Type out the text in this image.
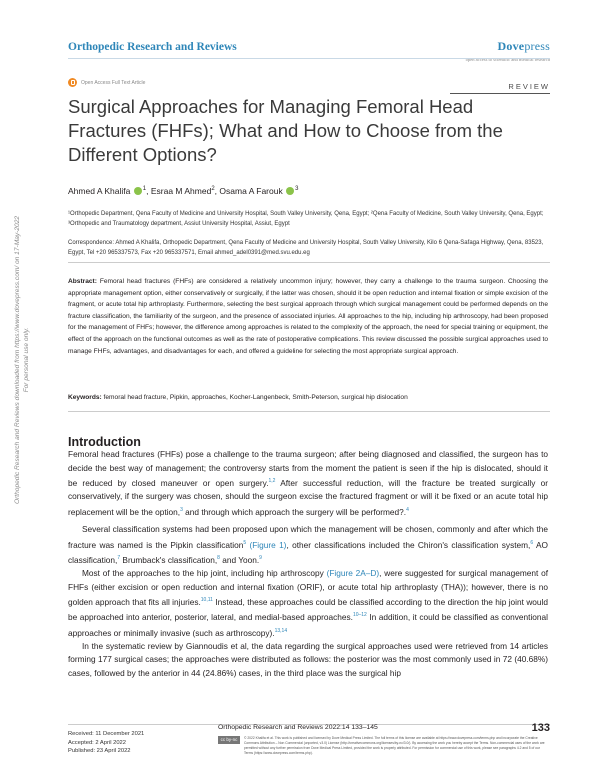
Orthopedic Research and Reviews	Dovepress
open access to scientific and medical research
Open Access Full Text Article	REVIEW
Surgical Approaches for Managing Femoral Head Fractures (FHFs); What and How to Choose from the Different Options?
Ahmed A Khalifa $^1$, Esraa M Ahmed$^2$, Osama A Farouk $^3$
¹Orthopedic Department, Qena Faculty of Medicine and University Hospital, South Valley University, Qena, Egypt; ²Qena Faculty of Medicine, South Valley University, Qena, Egypt; ³Orthopedic and Traumatology department, Assiut University Hospital, Assiut, Egypt
Correspondence: Ahmed A Khalifa, Orthopedic Department, Qena Faculty of Medicine and University Hospital, South Valley University, Kilo 6 Qena-Safaga Highway, Qena, 83523, Egypt, Tel +20 965337573, Fax +20 965337571, Email ahmed_adel0391@med.svu.edu.eg
Abstract: Femoral head fractures (FHFs) are considered a relatively uncommon injury; however, they carry a challenge to the trauma surgeon. Choosing the appropriate management option, either conservatively or surgically, if the latter was chosen, should it be open reduction and internal fixation or simple excision of the fragment, or acute total hip arthroplasty. Furthermore, selecting the best surgical approach through which surgical management could be performed depends on the fracture classification, the familiarity of the surgeon, and the presence of associated injuries. All approaches to the hip, including hip arthroscopy, had been proposed for the management of FHFs; however, the difference among approaches is related to the complexity of the approach, the need for special training or equipment, the effect of the approach on the functional outcomes as well as the rate of postoperative complications. This review discussed the possible surgical approaches used to manage FHFs, advantages, and disadvantages for each, and offered a guideline for selecting the most appropriate surgical approach.
Keywords: femoral head fracture, Pipkin, approaches, Kocher-Langenbeck, Smith-Peterson, surgical hip dislocation
Introduction

Femoral head fractures (FHFs) pose a challenge to the trauma surgeon; after being diagnosed and classified, the surgeon has to decide the best way of management; the controversy starts from the moment the patient is seen if the hip is dislocated, should it be reduced by closed maneuver or open surgery.$^{1,2}$ After successful reduction, will the fracture be treated surgically or conservatively, if the surgery was chosen, should the surgeon excise the fractured fragment or will it be fixed or an acute total hip replacement will be the option,$^3$ and through which approach the surgery will be performed?.$^4$

Several classification systems had been proposed upon which the management will be chosen, commonly and after which the fracture was named is the Pipkin classification$^5$ (Figure 1), other classifications included the Chiron's classification system,$^6$ AO classification,$^7$ Brumback's classification,$^8$ and Yoon.$^9$

Most of the approaches to the hip joint, including hip arthroscopy (Figure 2A–D), were suggested for surgical management of FHFs (either excision or open reduction and internal fixation (ORIF), or acute total hip arthroplasty (THA)); however, there is no golden approach that fits all injuries.$^{10,11}$ Instead, these approaches could be classified according to the direction the hip joint would be approached into anterior, posterior, lateral, and medial-based approaches.$^{10-12}$ In addition, it could be classified as conventional approaches or minimally invasive (such as arthroscopy).$^{13,14}$

In the systematic review by Giannoudis et al, the data regarding the surgical approaches used were retrieved from 14 articles forming 177 surgical cases; the approaches were distributed as follows: the posterior was the most commonly used in 72 (40.68%) cases, followed by the anterior in 44 (24.86%) cases, in the third place was the surgical hip

Orthopedic Research and Reviews downloaded from https://www.dovepress.com/ on 17-May-2022 For personal use only.
Received: 11 December 2021
Accepted: 2 April 2022
Published: 23 April 2022
Orthopedic Research and Reviews 2022:14 133–145	133
cc by-nc	© 2022 Khalifa et al. This work is published and licensed by Dove Medical Press Limited. The full terms of this license are available at https://www.dovepress.com/terms.php and incorporate the Creative Commons Attribution – Non Commercial (unported, v3.0) License (http://creativecommons.org/licenses/by-nc/3.0/). By accessing the work you hereby accept the Terms. Non-commercial uses of the work are permitted without any further permission from Dove Medical Press Limited, provided the work is properly attributed. For permission for commercial use of this work, please see paragraphs 4.2 and 5 of our Terms (https://www.dovepress.com/terms.php).
